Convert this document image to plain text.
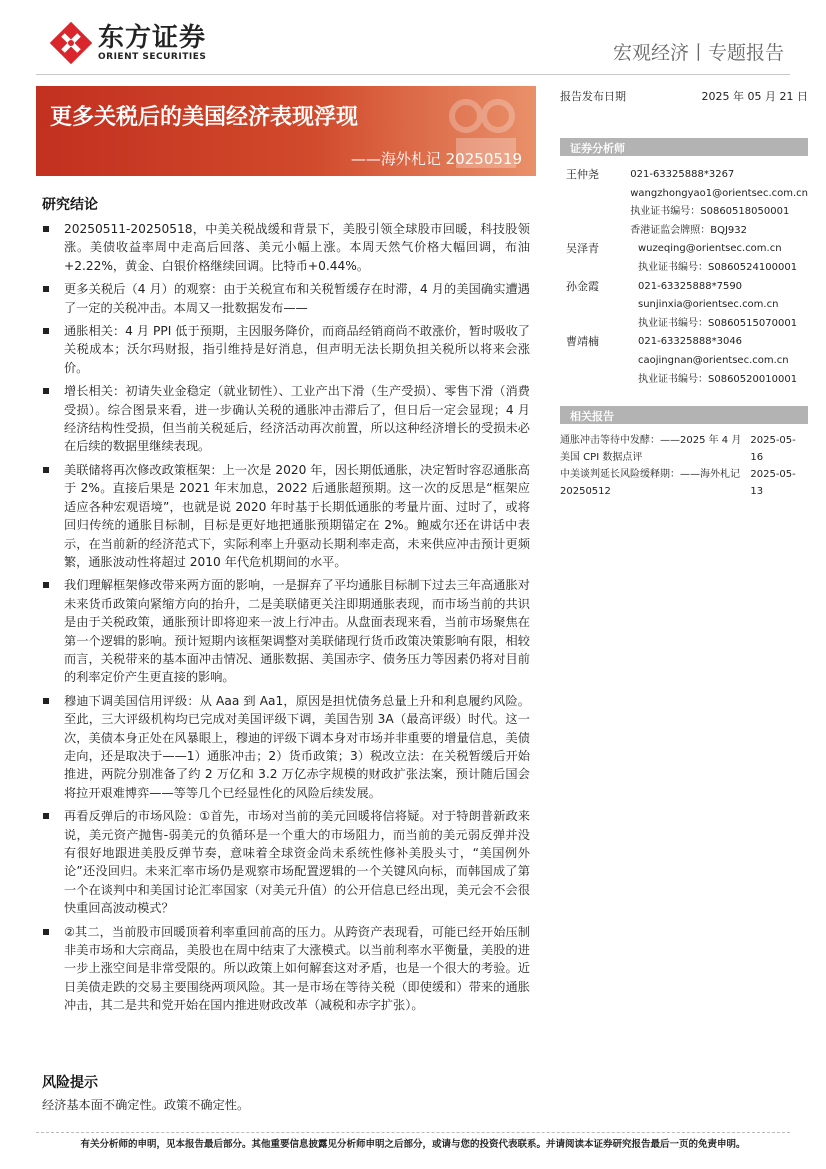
东方证券
ORIENT SECURITIES	宏观经济丨专题报告
更多关税后的美国经济表现浮现
——海外札记 20250519
研究结论
20250511-20250518，中美关税战缓和背景下，美股引领全球股市回暖，科技股领涨。美债收益率周中走高后回落、美元小幅上涨。本周天然气价格大幅回调，布油+2.22%，黄金、白银价格继续回调。比特币+0.44%。
更多关税后（4 月）的观察：由于关税宣布和关税暂缓存在时滞，4 月的美国确实遭遇了一定的关税冲击。本周又一批数据发布——
通胀相关：4 月 PPI 低于预期，主因服务降价，而商品经销商尚不敢涨价，暂时吸收了关税成本；沃尔玛财报，指引维持是好消息，但声明无法长期负担关税所以将来会涨价。
增长相关：初请失业金稳定（就业韧性）、工业产出下滑（生产受损）、零售下滑（消费受损）。综合图景来看，进一步确认关税的通胀冲击滞后了，但日后一定会显现；4 月经济结构性受损，但当前关税延后，经济活动再次前置，所以这种经济增长的受损未必在后续的数据里继续表现。
美联储将再次修改政策框架：上一次是 2020 年，因长期低通胀，决定暂时容忍通胀高于 2%。直接后果是 2021 年末加息，2022 后通胀超预期。这一次的反思是“框架应适应各种宏观语境”，也就是说 2020 年时基于长期低通胀的考量片面、过时了，或将回归传统的通胀目标制，目标是更好地把通胀预期锚定在 2%。鲍威尔还在讲话中表示，在当前新的经济范式下，实际利率上升驱动长期利率走高，未来供应冲击预计更频繁，通胀波动性将超过 2010 年代危机期间的水平。
我们理解框架修改带来两方面的影响，一是摒弃了平均通胀目标制下过去三年高通胀对未来货币政策向紧缩方向的抬升，二是美联储更关注即期通胀表现，而市场当前的共识是由于关税政策，通胀预计即将迎来一波上行冲击。从盘面表现来看，当前市场聚焦在第一个逻辑的影响。预计短期内该框架调整对美联储现行货币政策决策影响有限，相较而言，关税带来的基本面冲击情况、通胀数据、美国赤字、债务压力等因素仍将对目前的利率定价产生更直接的影响。
穆迪下调美国信用评级：从 Aaa 到 Aa1，原因是担忧债务总量上升和利息履约风险。至此，三大评级机构均已完成对美国评级下调，美国告别 3A（最高评级）时代。这一次，美债本身正处在风暴眼上，穆迪的评级下调本身对市场并非重要的增量信息，美债走向，还是取决于——1）通胀冲击；2）货币政策；3）税改立法：在关税暂缓后开始推进，两院分别准备了约 2 万亿和 3.2 万亿赤字规模的财政扩张法案，预计随后国会将拉开艰难博弈——等等几个已经显性化的风险后续发展。
再看反弹后的市场风险：①首先，市场对当前的美元回暖将信将疑。对于特朗普新政来说，美元资产抛售-弱美元的负循环是一个重大的市场阻力，而当前的美元弱反弹并没有很好地跟进美股反弹节奏，意味着全球资金尚未系统性修补美股头寸，“美国例外论”还没回归。未来汇率市场仍是观察市场配置逻辑的一个关键风向标，而韩国成了第一个在谈判中和美国讨论汇率国家（对美元升值）的公开信息已经出现，美元会不会很快重回高波动模式？
②其二，当前股市回暖顶着利率重回前高的压力。从跨资产表现看，可能已经开始压制非美市场和大宗商品，美股也在周中结束了大涨模式。以当前利率水平衡量，美股的进一步上涨空间是非常受限的。所以政策上如何解套这对矛盾，也是一个很大的考验。近日美债走跌的交易主要围绕两项风险。其一是市场在等待关税（即使缓和）带来的通胀冲击，其二是共和党开始在国内推进财政改革（减税和赤字扩张）。
风险提示
经济基本面不确定性。政策不确定性。
报告发布日期	2025 年 05 月 21 日
证券分析师
王仲尧	021-63325888*3267
wangzhongyao1@orientsec.com.cn
执业证书编号：S0860518050001
香港证监会牌照：BQJ932
吴泽青	wuzeqing@orientsec.com.cn
执业证书编号：S0860524100001
孙金霞	021-63325888*7590
sunjinxia@orientsec.com.cn
执业证书编号：S0860515070001
曹靖楠	021-63325888*3046
caojingnan@orientsec.com.cn
执业证书编号：S0860520010001
相关报告
通胀冲击等待中发酵：——2025 年 4 月美国 CPI 数据点评
2025-05-16
中美谈判延长风险缓释期：——海外札记 20250512
2025-05-13
有关分析师的申明，见本报告最后部分。其他重要信息披露见分析师申明之后部分，或请与您的投资代表联系。并请阅读本证券研究报告最后一页的免责申明。
